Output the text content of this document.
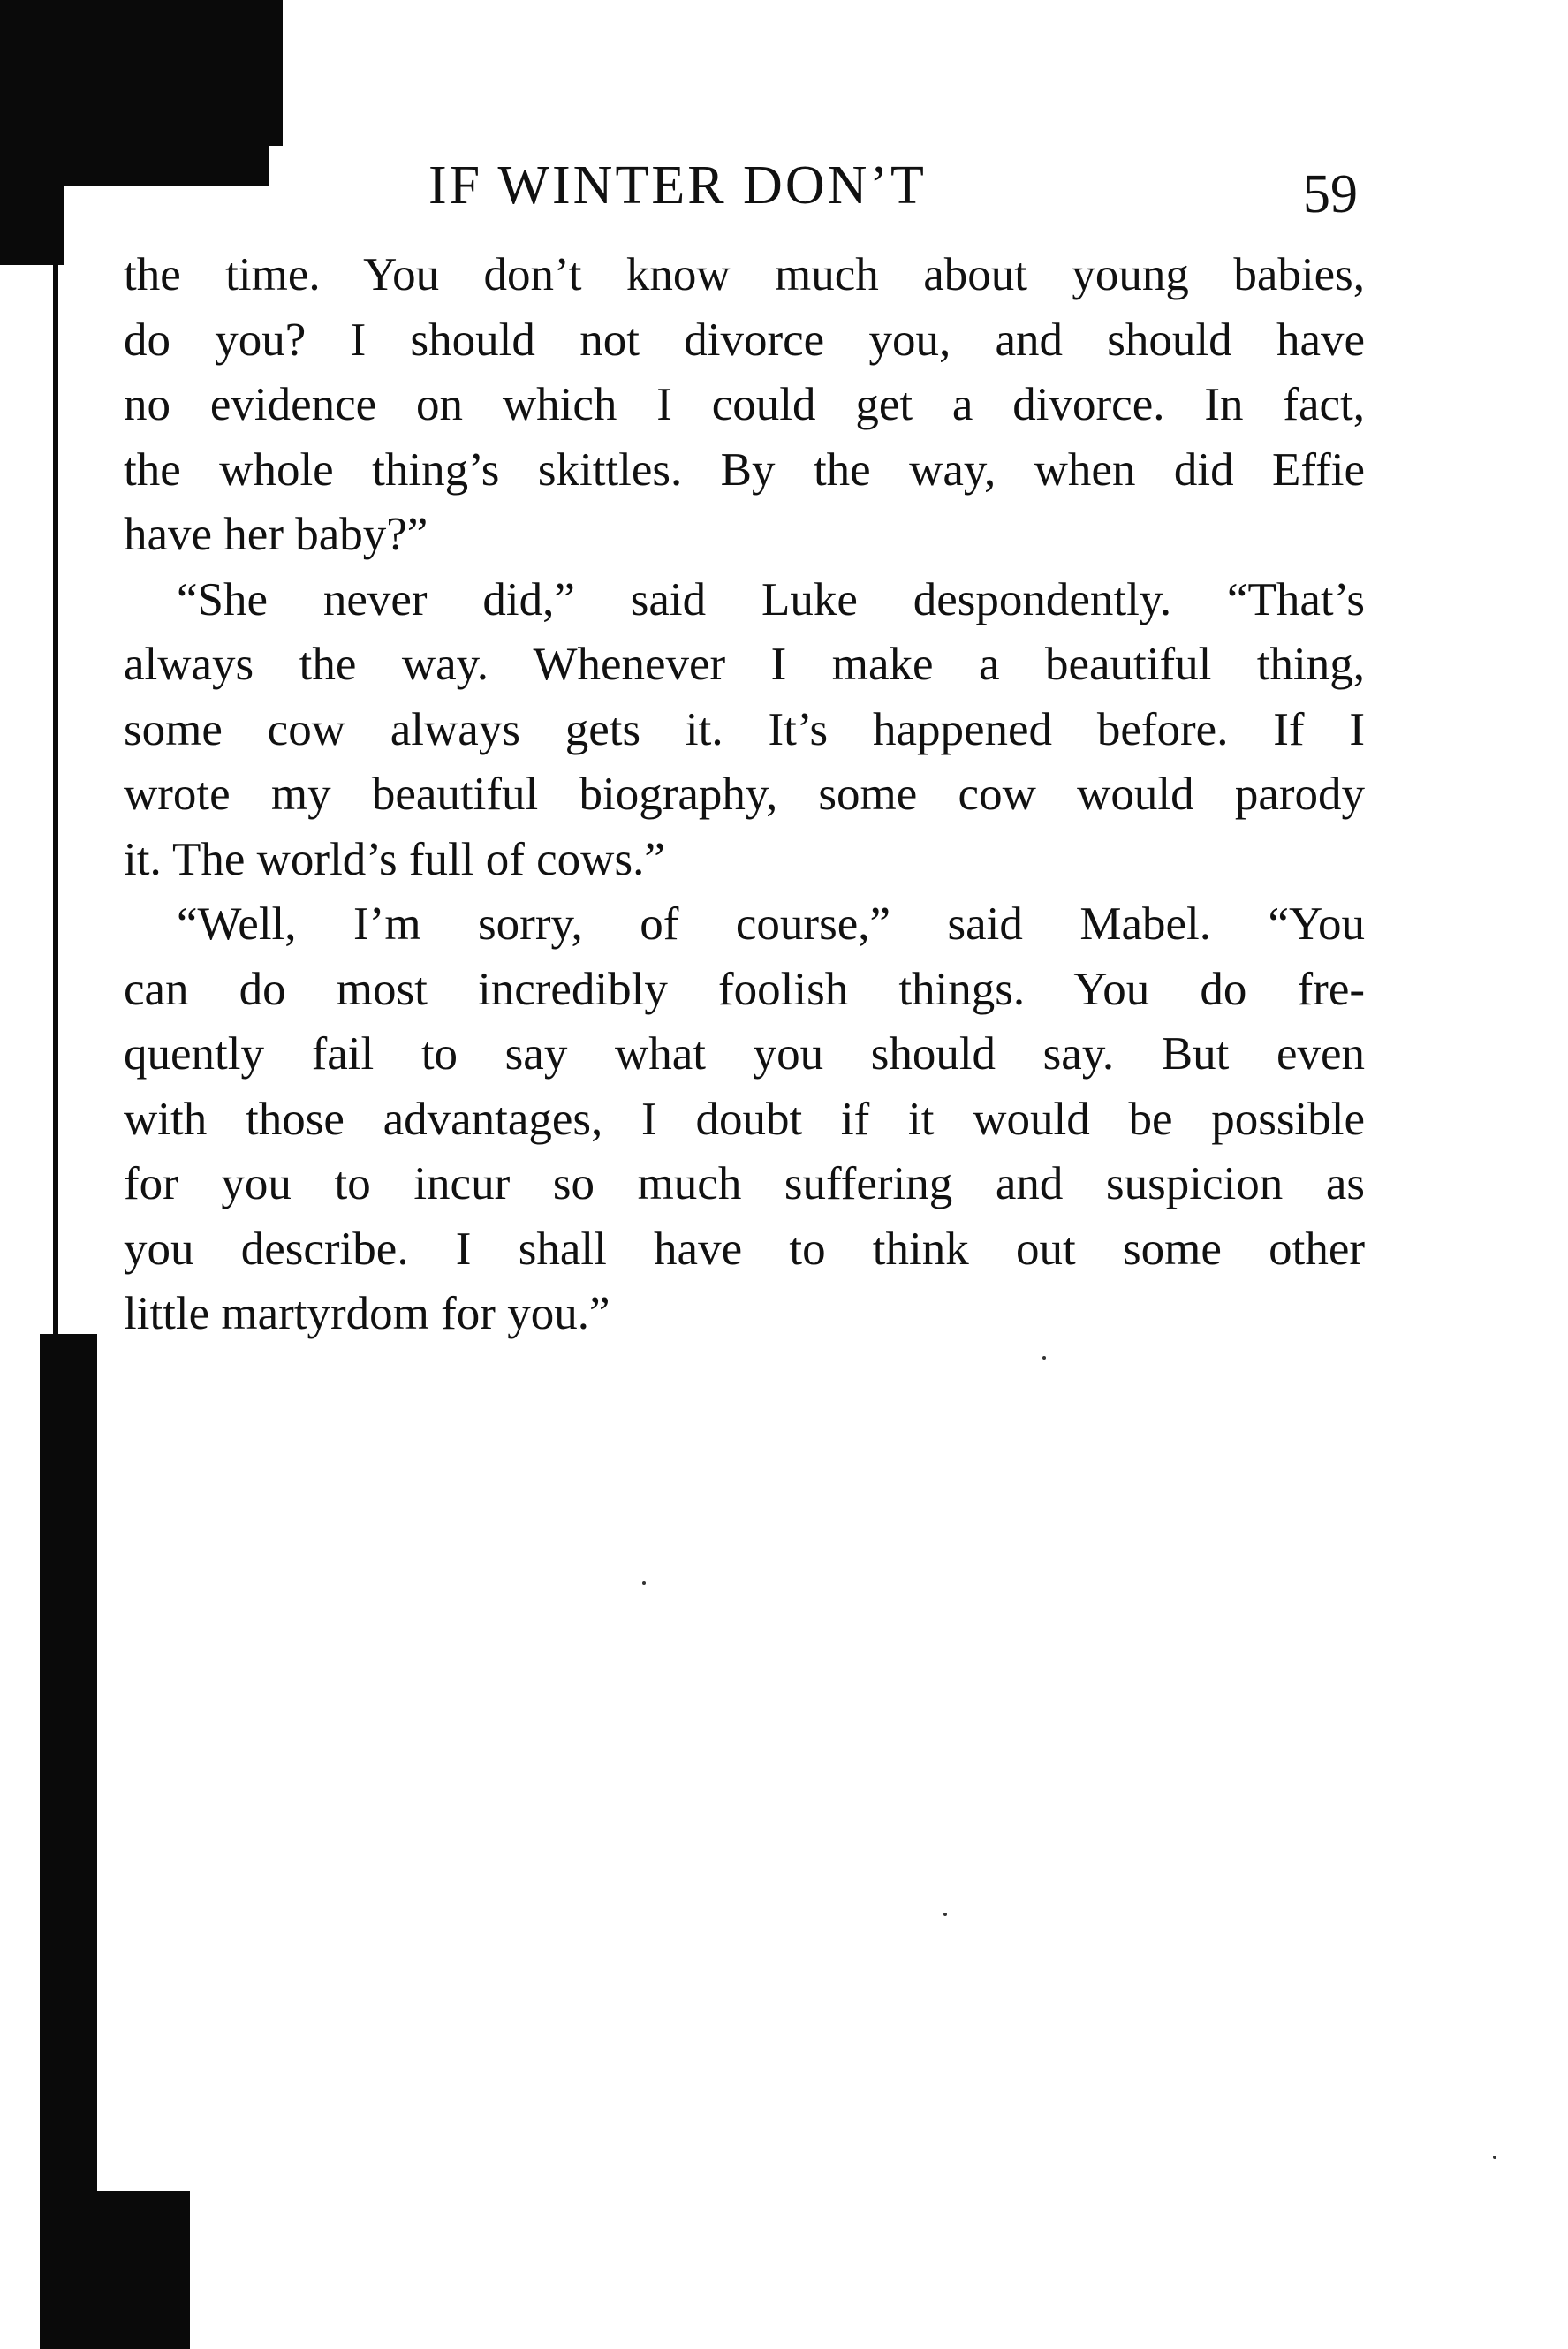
IF WINTER DON’T	59
the time. You don’t know much about young babies,
do you? I should not divorce you, and should have
no evidence on which I could get a divorce. In fact,
the whole thing’s skittles. By the way, when did Effie
have her baby?”
“She never did,” said Luke despondently. “That’s
always the way. Whenever I make a beautiful thing,
some cow always gets it. It’s happened before. If I
wrote my beautiful biography, some cow would parody
it. The world’s full of cows.”
“Well, I’m sorry, of course,” said Mabel. “You
can do most incredibly foolish things. You do fre-
quently fail to say what you should say. But even
with those advantages, I doubt if it would be possible
for you to incur so much suffering and suspicion as
you describe. I shall have to think out some other
little martyrdom for you.”
